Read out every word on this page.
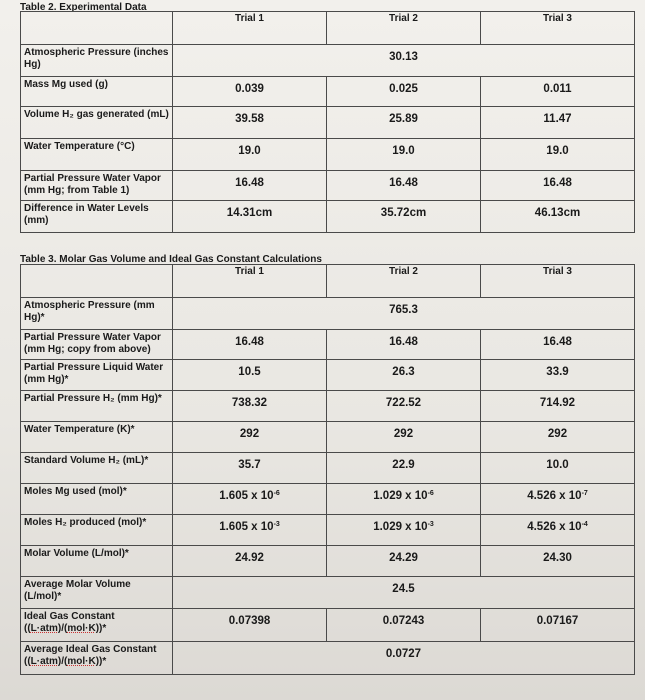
Table 2. Experimental Data
	Trial 1	Trial 2	Trial 3
Atmospheric Pressure (inches Hg)	30.13		
Mass Mg used (g)	0.039	0.025	0.011
Volume H₂ gas generated (mL)	39.58	25.89	11.47
Water Temperature (°C)	19.0	19.0	19.0
Partial Pressure Water Vapor (mm Hg; from Table 1)	16.48	16.48	16.48
Difference in Water Levels (mm)	14.31cm	35.72cm	46.13cm
Table 3. Molar Gas Volume and Ideal Gas Constant Calculations
	Trial 1	Trial 2	Trial 3
Atmospheric Pressure (mm Hg)*	765.3		
Partial Pressure Water Vapor (mm Hg; copy from above)	16.48	16.48	16.48
Partial Pressure Liquid Water (mm Hg)*	10.5	26.3	33.9
Partial Pressure H₂ (mm Hg)*	738.32	722.52	714.92
Water Temperature (K)*	292	292	292
Standard Volume H₂ (mL)*	35.7	22.9	10.0
Moles Mg used (mol)*	1.605 x $10^{-6}$	1.029 x $10^{-6}$	4.526 x $10^{-7}$
Moles H₂ produced (mol)*	1.605 x $10^{-3}$	1.029 x $10^{-3}$	4.526 x $10^{-4}$
Molar Volume (L/mol)*	24.92	24.29	24.30
Average Molar Volume (L/mol)*	24.5		
Ideal Gas Constant ((L·atm)/(mol·K))*	0.07398	0.07243	0.07167
Average Ideal Gas Constant ((L·atm)/(mol·K))*	0.0727		
